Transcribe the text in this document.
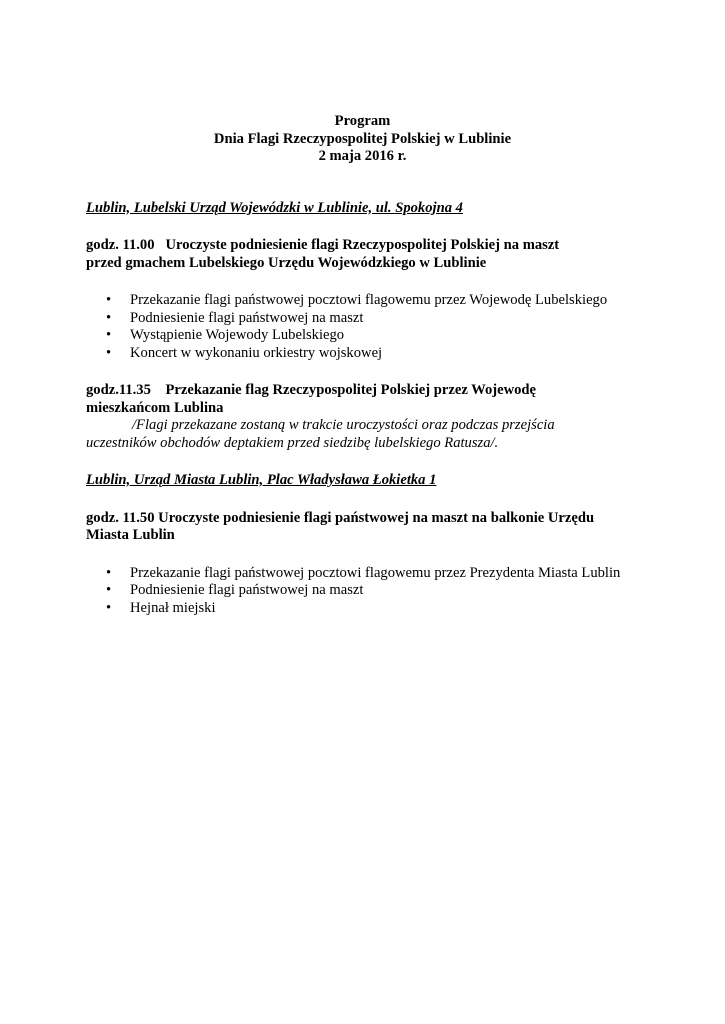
Program
Dnia Flagi Rzeczypospolitej Polskiej w Lublinie
2 maja 2016 r.
Lublin, Lubelski Urząd Wojewódzki w Lublinie, ul. Spokojna 4
godz. 11.00 Uroczyste podniesienie flagi Rzeczypospolitej Polskiej na maszt
przed gmachem Lubelskiego Urzędu Wojewódzkiego w Lublinie
• Przekazanie flagi państwowej pocztowi flagowemu przez Wojewodę Lubelskiego
• Podniesienie flagi państwowej na maszt
• Wystąpienie Wojewody Lubelskiego
• Koncert w wykonaniu orkiestry wojskowej
godz.11.35 Przekazanie flag Rzeczypospolitej Polskiej przez Wojewodę
mieszkańcom Lublina
/Flagi przekazane zostaną w trakcie uroczystości oraz podczas przejścia
uczestników obchodów deptakiem przed siedzibę lubelskiego Ratusza/.
Lublin, Urząd Miasta Lublin, Plac Władysława Łokietka 1
godz. 11.50 Uroczyste podniesienie flagi państwowej na maszt na balkonie Urzędu
Miasta Lublin
• Przekazanie flagi państwowej pocztowi flagowemu przez Prezydenta Miasta Lublin
• Podniesienie flagi państwowej na maszt
• Hejnał miejski
